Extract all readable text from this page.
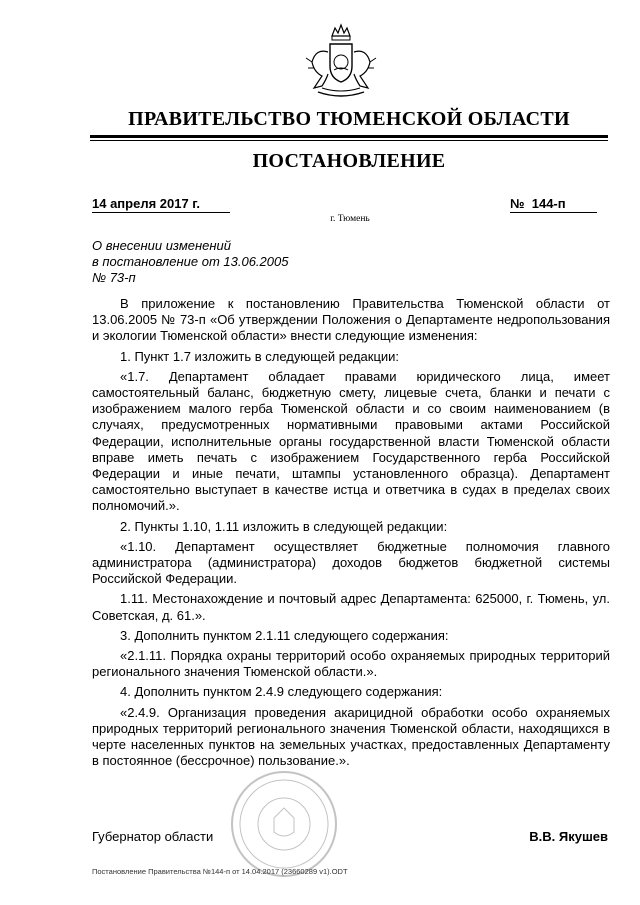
ПРАВИТЕЛЬСТВО ТЮМЕНСКОЙ ОБЛАСТИ
ПОСТАНОВЛЕНИЕ
14 апреля 2017 г.	№ 144-п
г. Тюмень
О внесении изменений
в постановление от 13.06.2005
№ 73-п

В приложение к постановлению Правительства Тюменской области от 13.06.2005 № 73-п «Об утверждении Положения о Департаменте недропользования и экологии Тюменской области» внести следующие изменения:

1. Пункт 1.7 изложить в следующей редакции:

«1.7. Департамент обладает правами юридического лица, имеет самостоятельный баланс, бюджетную смету, лицевые счета, бланки и печати с изображением малого герба Тюменской области и со своим наименованием (в случаях, предусмотренных нормативными правовыми актами Российской Федерации, исполнительные органы государственной власти Тюменской области вправе иметь печать с изображением Государственного герба Российской Федерации и иные печати, штампы установленного образца). Департамент самостоятельно выступает в качестве истца и ответчика в судах в пределах своих полномочий.».

2. Пункты 1.10, 1.11 изложить в следующей редакции:

«1.10. Департамент осуществляет бюджетные полномочия главного администратора (администратора) доходов бюджетов бюджетной системы Российской Федерации.

1.11. Местонахождение и почтовый адрес Департамента: 625000, г. Тюмень, ул. Советская, д. 61.».

3. Дополнить пунктом 2.1.11 следующего содержания:

«2.1.11. Порядка охраны территорий особо охраняемых природных территорий регионального значения Тюменской области.».

4. Дополнить пунктом 2.4.9 следующего содержания:

«2.4.9. Организация проведения акарицидной обработки особо охраняемых природных территорий регионального значения Тюменской области, находящихся в черте населенных пунктов на земельных участках, предоставленных Департаменту в постоянное (бессрочное) пользование.».

Губернатор области	В.В. Якушев
Постановление Правительства №144-п от 14.04.2017 (23660289 v1).ODT
